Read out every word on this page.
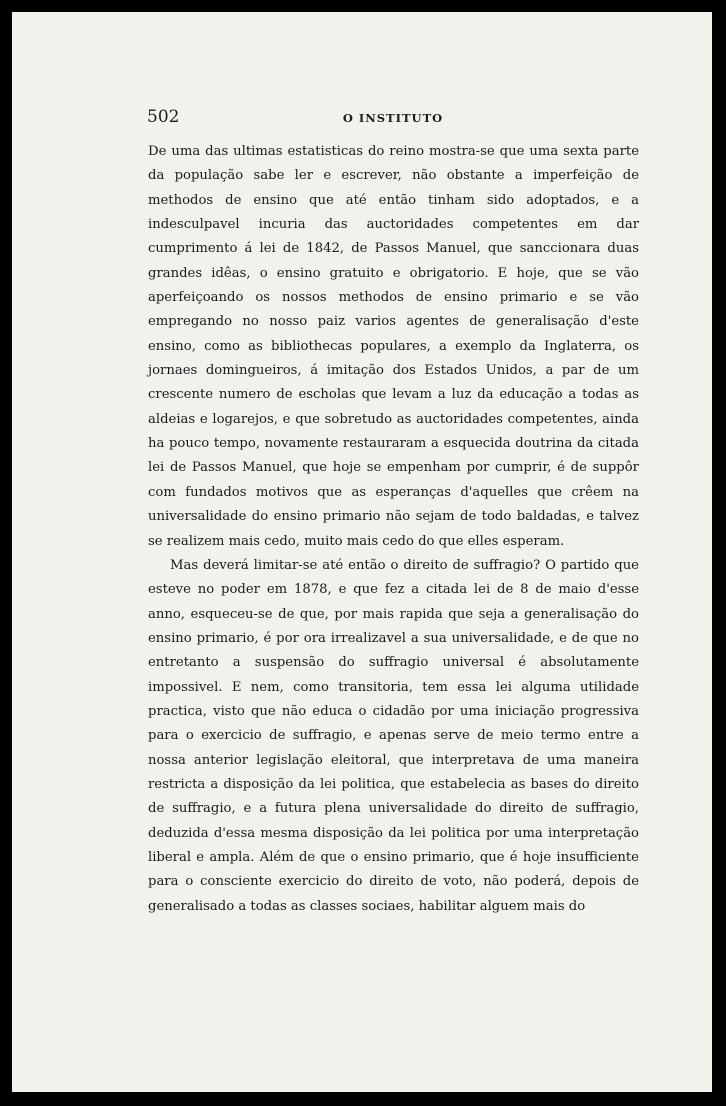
502	O INSTITUTO

De uma das ultimas estatisticas do reino mostra-se que uma sexta parte da população sabe ler e escrever, não obstante a imperfeição de methodos de ensino que até então tinham sido adoptados, e a indesculpavel incuria das auctoridades competentes em dar cumprimento á lei de 1842, de Passos Manuel, que sanccionara duas grandes idêas, o ensino gratuito e obrigatorio. E hoje, que se vão aperfeiçoando os nossos methodos de ensino primario e se vão empregando no nosso paiz varios agentes de generalisação d'este ensino, como as bibliothecas populares, a exemplo da Inglaterra, os jornaes domingueiros, á imitação dos Estados Unidos, a par de um crescente numero de escholas que levam a luz da educação a todas as aldeias e logarejos, e que sobretudo as auctoridades competentes, ainda ha pouco tempo, novamente restauraram a esquecida doutrina da citada lei de Passos Manuel, que hoje se empenham por cumprir, é de suppôr com fundados motivos que as esperanças d'aquelles que crêem na universalidade do ensino primario não sejam de todo baldadas, e talvez se realizem mais cedo, muito mais cedo do que elles esperam.

Mas deverá limitar-se até então o direito de suffragio? O partido que esteve no poder em 1878, e que fez a citada lei de 8 de maio d'esse anno, esqueceu-se de que, por mais rapida que seja a generalisação do ensino primario, é por ora irrealizavel a sua universalidade, e de que no entretanto a suspensão do suffragio universal é absolutamente impossivel. E nem, como transitoria, tem essa lei alguma utilidade practica, visto que não educa o cidadão por uma iniciação progressiva para o exercicio de suffragio, e apenas serve de meio termo entre a nossa anterior legislação eleitoral, que interpretava de uma maneira restricta a disposição da lei politica, que estabelecia as bases do direito de suffragio, e a futura plena universalidade do direito de suffragio, deduzida d'essa mesma disposição da lei politica por uma interpretação liberal e ampla. Além de que o ensino primario, que é hoje insufficiente para o consciente exercicio do direito de voto, não poderá, depois de generalisado a todas as classes sociaes, habilitar alguem mais do
